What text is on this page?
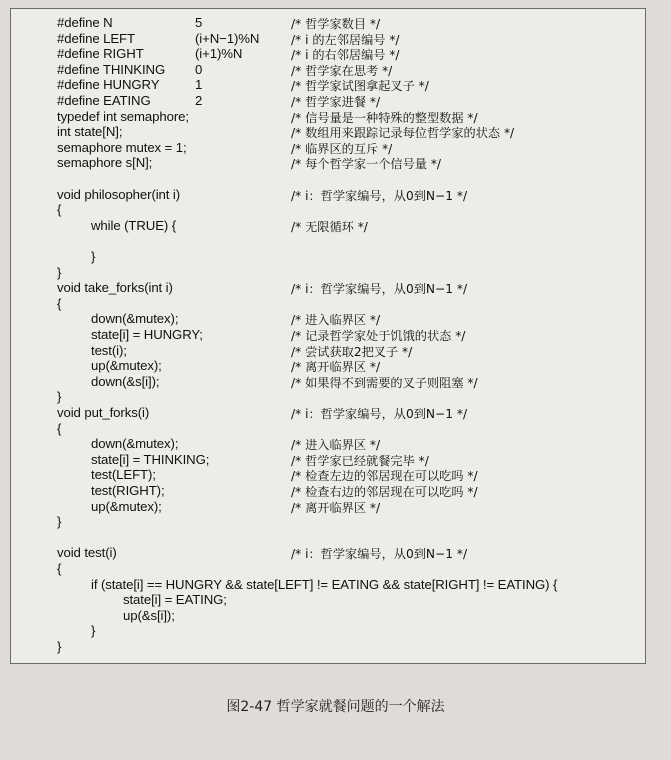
#define N	5	/* 哲学家数目 */
#define LEFT	(i+N−1)%N	/* i 的左邻居编号 */
#define RIGHT	(i+1)%N	/* i 的右邻居编号 */
#define THINKING 0	/* 哲学家在思考 */
#define HUNGRY	1	/* 哲学家试图拿起叉子 */
#define EATING	2	/* 哲学家进餐 */
typedef int semaphore;	/* 信号量是一种特殊的整型数据 */
int state[N];	/* 数组用来跟踪记录每位哲学家的状态 */
semaphore mutex = 1;	/* 临界区的互斥 */
semaphore s[N];	/* 每个哲学家一个信号量 */
void philosopher(int i)	/* i：哲学家编号，从0到N−1 */
{
while (TRUE) {	/* 无限循环 */
}
}
void take_forks(int i)	/* i：哲学家编号，从0到N−1 */
{
down(&mutex);	/* 进入临界区 */
state[i] = HUNGRY;	/* 记录哲学家处于饥饿的状态 */
test(i);	/* 尝试获取2把叉子 */
up(&mutex);	/* 离开临界区 */
down(&s[i]);	/* 如果得不到需要的叉子则阻塞 */
}
void put_forks(i)	/* i：哲学家编号，从0到N−1 */
{
down(&mutex);	/* 进入临界区 */
state[i] = THINKING;	/* 哲学家已经就餐完毕 */
test(LEFT);	/* 检查左边的邻居现在可以吃吗 */
test(RIGHT);	/* 检查右边的邻居现在可以吃吗 */
up(&mutex);	/* 离开临界区 */
}
void test(i)	/* i：哲学家编号，从0到N−1 */
{
if (state[i] == HUNGRY && state[LEFT] != EATING && state[RIGHT] != EATING) {
state[i] = EATING;
up(&s[i]);
}
}
图2-47 哲学家就餐问题的一个解法
